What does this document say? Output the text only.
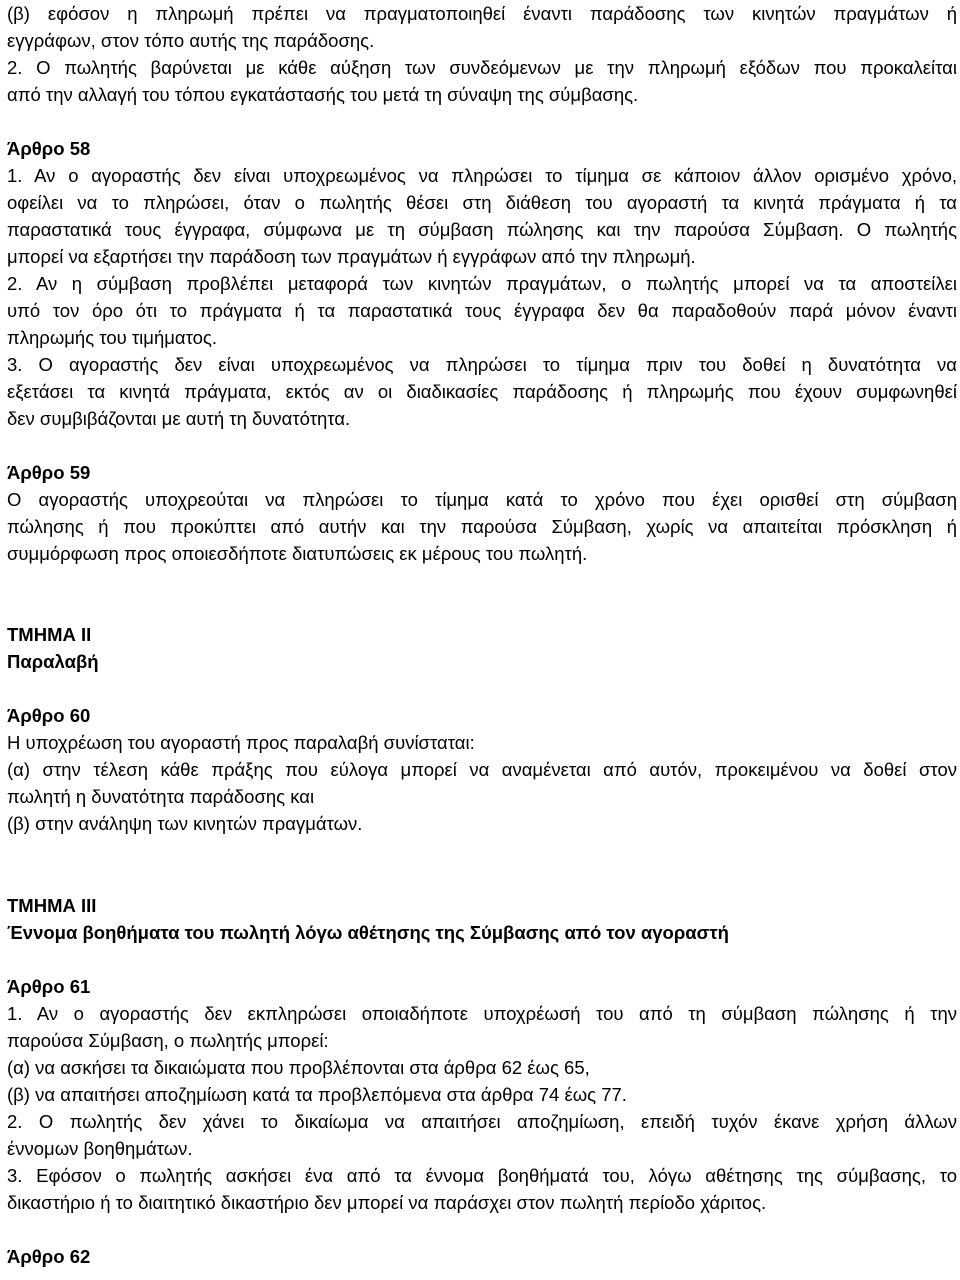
(β) εφόσον η πληρωμή πρέπει να πραγματοποιηθεί έναντι παράδοσης των κινητών πραγμάτων ή

εγγράφων, στον τόπο αυτής της παράδοσης.

2. Ο πωλητής βαρύνεται με κάθε αύξηση των συνδεόμενων με την πληρωμή εξόδων που προκαλείται

από την αλλαγή του τόπου εγκατάστασής του μετά τη σύναψη της σύμβασης.

Άρθρο 58

1. Αν ο αγοραστής δεν είναι υποχρεωμένος να πληρώσει το τίμημα σε κάποιον άλλον ορισμένο χρόνο,

οφείλει να το πληρώσει, όταν ο πωλητής θέσει στη διάθεση του αγοραστή τα κινητά πράγματα ή τα

παραστατικά τους έγγραφα, σύμφωνα με τη σύμβαση πώλησης και την παρούσα Σύμβαση. Ο πωλητής

μπορεί να εξαρτήσει την παράδοση των πραγμάτων ή εγγράφων από την πληρωμή.

2. Αν η σύμβαση προβλέπει μεταφορά των κινητών πραγμάτων, ο πωλητής μπορεί να τα αποστείλει

υπό τον όρο ότι το πράγματα ή τα παραστατικά τους έγγραφα δεν θα παραδοθούν παρά μόνον έναντι

πληρωμής του τιμήματος.

3. Ο αγοραστής δεν είναι υποχρεωμένος να πληρώσει το τίμημα πριν του δοθεί η δυνατότητα να

εξετάσει τα κινητά πράγματα, εκτός αν οι διαδικασίες παράδοσης ή πληρωμής που έχουν συμφωνηθεί

δεν συμβιβάζονται με αυτή τη δυνατότητα.

Άρθρο 59

Ο αγοραστής υποχρεούται να πληρώσει το τίμημα κατά το χρόνο που έχει ορισθεί στη σύμβαση

πώλησης ή που προκύπτει από αυτήν και την παρούσα Σύμβαση, χωρίς να απαιτείται πρόσκληση ή

συμμόρφωση προς οποιεσδήποτε διατυπώσεις εκ μέρους του πωλητή.

ΤΜΗΜΑ ΙΙ

Παραλαβή

Άρθρο 60

Η υποχρέωση του αγοραστή προς παραλαβή συνίσταται:

(α) στην τέλεση κάθε πράξης που εύλογα μπορεί να αναμένεται από αυτόν, προκειμένου να δοθεί στον

πωλητή η δυνατότητα παράδοσης και

(β) στην ανάληψη των κινητών πραγμάτων.

ΤΜΗΜΑ ΙΙΙ

Έννομα βοηθήματα του πωλητή λόγω αθέτησης της Σύμβασης από τον αγοραστή

Άρθρο 61

1. Αν ο αγοραστής δεν εκπληρώσει οποιαδήποτε υποχρέωσή του από τη σύμβαση πώλησης ή την

παρούσα Σύμβαση, ο πωλητής μπορεί:

(α) να ασκήσει τα δικαιώματα που προβλέπονται στα άρθρα 62 έως 65,

(β) να απαιτήσει αποζημίωση κατά τα προβλεπόμενα στα άρθρα 74 έως 77.

2. Ο πωλητής δεν χάνει το δικαίωμα να απαιτήσει αποζημίωση, επειδή τυχόν έκανε χρήση άλλων

έννομων βοηθημάτων.

3. Εφόσον ο πωλητής ασκήσει ένα από τα έννομα βοηθήματά του, λόγω αθέτησης της σύμβασης, το

δικαστήριο ή το διαιτητικό δικαστήριο δεν μπορεί να παράσχει στον πωλητή περίοδο χάριτος.

Άρθρο 62
